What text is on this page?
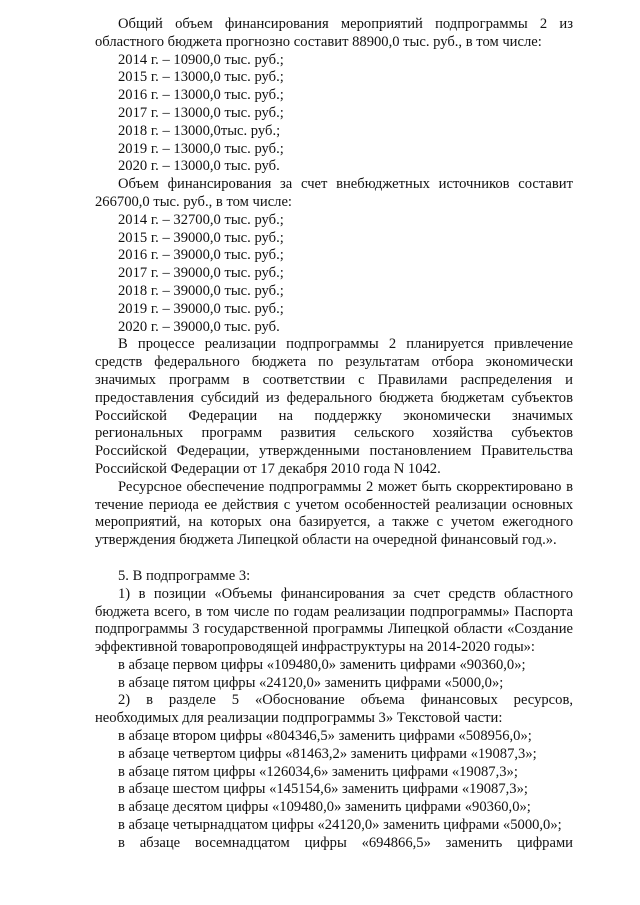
Общий объем финансирования мероприятий подпрограммы 2 из областного бюджета прогнозно составит 88900,0 тыс. руб., в том числе:

2014 г. – 10900,0 тыс. руб.;

2015 г. – 13000,0 тыс. руб.;

2016 г. – 13000,0 тыс. руб.;

2017 г. – 13000,0 тыс. руб.;

2018 г. – 13000,0тыс. руб.;

2019 г. – 13000,0 тыс. руб.;

2020 г. – 13000,0 тыс. руб.

Объем финансирования за счет внебюджетных источников составит 266700,0 тыс. руб., в том числе:

2014 г. – 32700,0 тыс. руб.;

2015 г. – 39000,0 тыс. руб.;

2016 г. – 39000,0 тыс. руб.;

2017 г. – 39000,0 тыс. руб.;

2018 г. – 39000,0 тыс. руб.;

2019 г. – 39000,0 тыс. руб.;

2020 г. – 39000,0 тыс. руб.

В процессе реализации подпрограммы 2 планируется привлечение средств федерального бюджета по результатам отбора экономически значимых программ в соответствии с Правилами распределения и предоставления субсидий из федерального бюджета бюджетам субъектов Российской Федерации на поддержку экономически значимых региональных программ развития сельского хозяйства субъектов Российской Федерации, утвержденными постановлением Правительства Российской Федерации от 17 декабря 2010 года N 1042.

Ресурсное обеспечение подпрограммы 2 может быть скорректировано в течение периода ее действия с учетом особенностей реализации основных мероприятий, на которых она базируется, а также с учетом ежегодного утверждения бюджета Липецкой области на очередной финансовый год.».

5. В подпрограмме 3:

1) в позиции «Объемы финансирования за счет средств областного бюджета всего, в том числе по годам реализации подпрограммы» Паспорта подпрограммы 3 государственной программы Липецкой области «Создание эффективной товаропроводящей инфраструктуры на 2014-2020 годы»:

в абзаце первом цифры «109480,0» заменить цифрами «90360,0»;

в абзаце пятом цифры «24120,0» заменить цифрами «5000,0»;

2) в разделе 5 «Обоснование объема финансовых ресурсов, необходимых для реализации подпрограммы 3» Текстовой части:

в абзаце втором цифры «804346,5» заменить цифрами «508956,0»;

в абзаце четвертом цифры «81463,2» заменить цифрами «19087,3»;

в абзаце пятом цифры «126034,6» заменить цифрами «19087,3»;

в абзаце шестом цифры «145154,6» заменить цифрами «19087,3»;

в абзаце десятом цифры «109480,0» заменить цифрами «90360,0»;

в абзаце четырнадцатом цифры «24120,0» заменить цифрами «5000,0»;

в абзаце восемнадцатом цифры «694866,5» заменить цифрами
